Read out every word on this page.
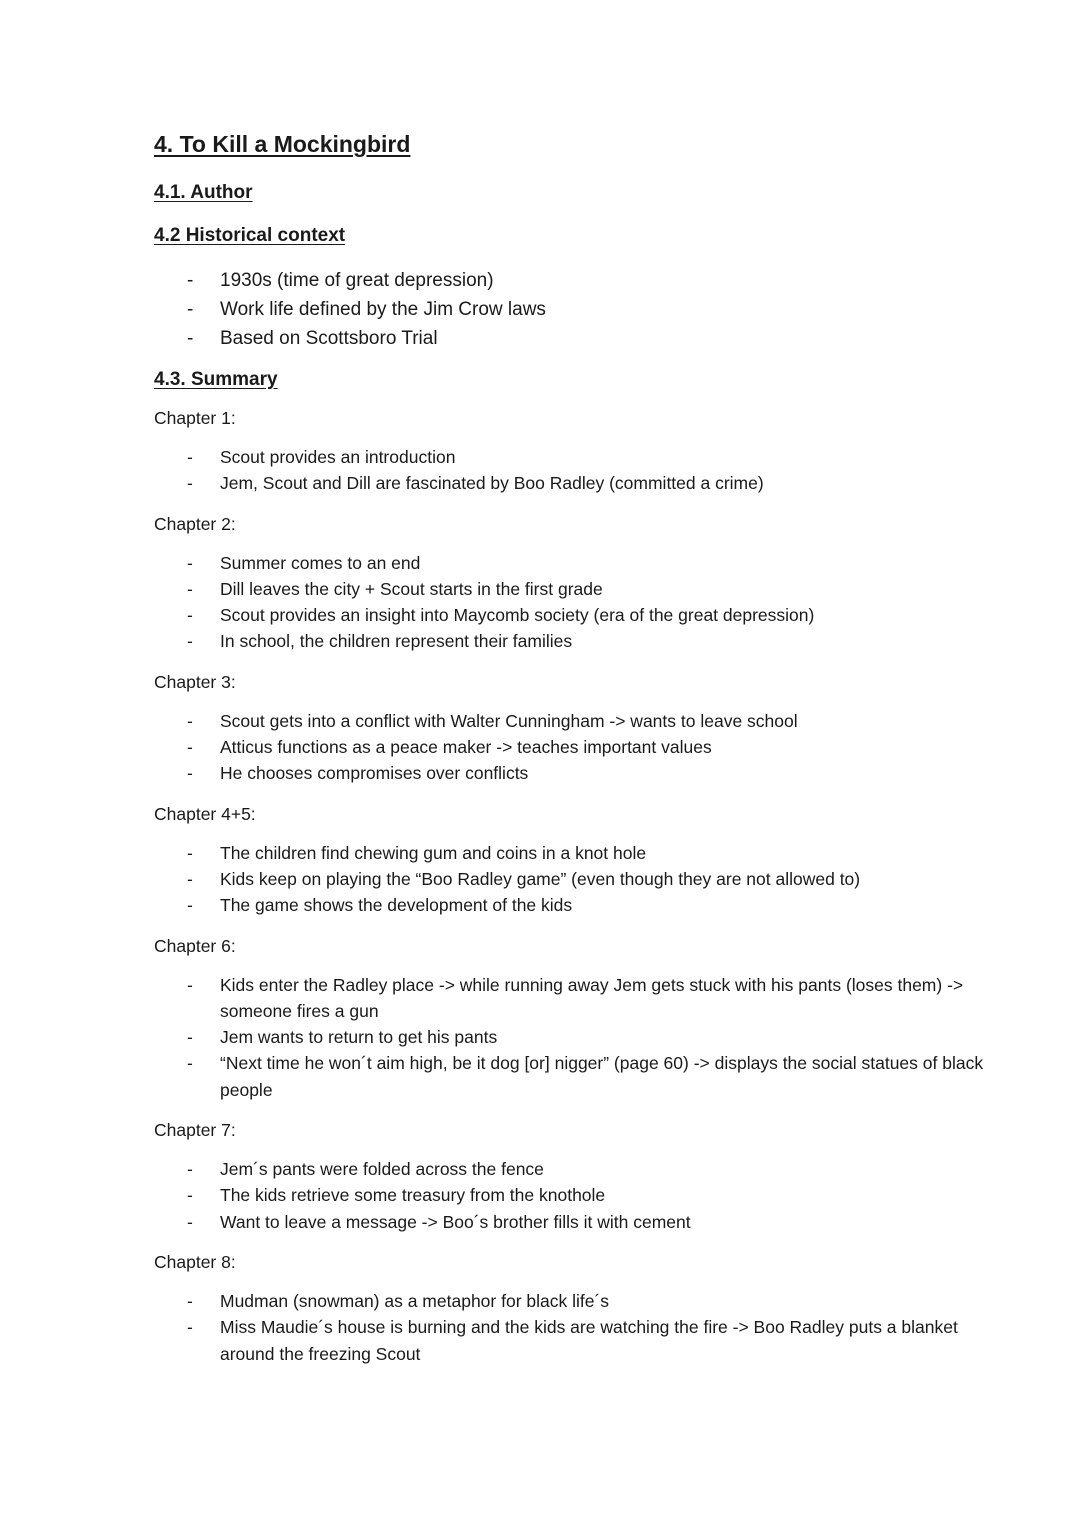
4. To Kill a Mockingbird
4.1. Author
4.2 Historical context
- 1930s (time of great depression)
- Work life defined by the Jim Crow laws
- Based on Scottsboro Trial
4.3. Summary
Chapter 1:
- Scout provides an introduction
- Jem, Scout and Dill are fascinated by Boo Radley (committed a crime)
Chapter 2:
- Summer comes to an end
- Dill leaves the city + Scout starts in the first grade
- Scout provides an insight into Maycomb society (era of the great depression)
- In school, the children represent their families
Chapter 3:
- Scout gets into a conflict with Walter Cunningham -> wants to leave school
- Atticus functions as a peace maker -> teaches important values
- He chooses compromises over conflicts
Chapter 4+5:
- The children find chewing gum and coins in a knot hole
- Kids keep on playing the “Boo Radley game” (even though they are not allowed to)
- The game shows the development of the kids
Chapter 6:
- Kids enter the Radley place -> while running away Jem gets stuck with his pants (loses them) -> someone fires a gun
- Jem wants to return to get his pants
- “Next time he won´t aim high, be it dog [or] nigger” (page 60) -> displays the social statues of black people
Chapter 7:
- Jem´s pants were folded across the fence
- The kids retrieve some treasury from the knothole
- Want to leave a message -> Boo´s brother fills it with cement
Chapter 8:
- Mudman (snowman) as a metaphor for black life´s
- Miss Maudie´s house is burning and the kids are watching the fire -> Boo Radley puts a blanket around the freezing Scout
